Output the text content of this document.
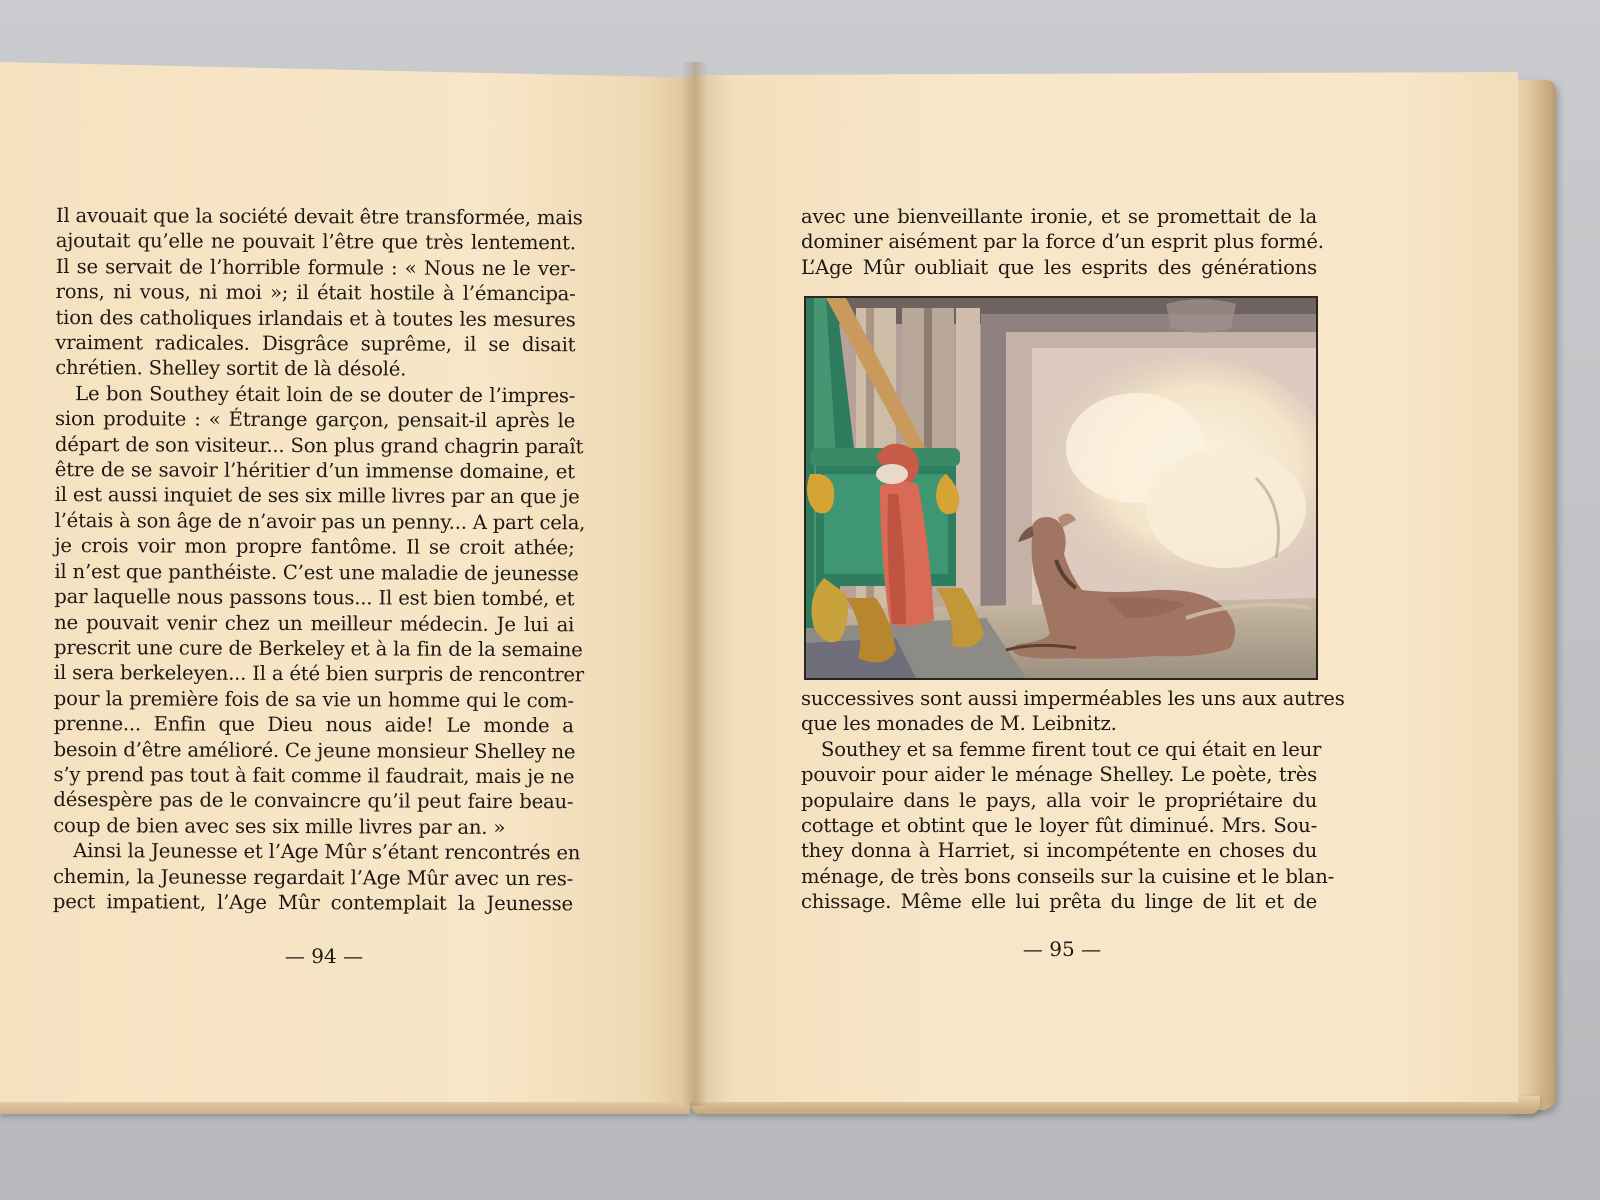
Il avouait que la société devait être transformée, mais
ajoutait qu’elle ne pouvait l’être que très lentement.
Il se servait de l’horrible formule : « Nous ne le ver-
rons, ni vous, ni moi »; il était hostile à l’émancipa-
tion des catholiques irlandais et à toutes les mesures
vraiment radicales. Disgrâce suprême, il se disait
chrétien. Shelley sortit de là désolé.
Le bon Southey était loin de se douter de l’impres-
sion produite : « Étrange garçon, pensait-il après le
départ de son visiteur... Son plus grand chagrin paraît
être de se savoir l’héritier d’un immense domaine, et
il est aussi inquiet de ses six mille livres par an que je
l’étais à son âge de n’avoir pas un penny... A part cela,
je crois voir mon propre fantôme. Il se croit athée;
il n’est que panthéiste. C’est une maladie de jeunesse
par laquelle nous passons tous... Il est bien tombé, et
ne pouvait venir chez un meilleur médecin. Je lui ai
prescrit une cure de Berkeley et à la fin de la semaine
il sera berkeleyen... Il a été bien surpris de rencontrer
pour la première fois de sa vie un homme qui le com-
prenne... Enfin que Dieu nous aide! Le monde a
besoin d’être amélioré. Ce jeune monsieur Shelley ne
s’y prend pas tout à fait comme il faudrait, mais je ne
désespère pas de le convaincre qu’il peut faire beau-
coup de bien avec ses six mille livres par an. »
Ainsi la Jeunesse et l’Age Mûr s’étant rencontrés en
chemin, la Jeunesse regardait l’Age Mûr avec un res-
pect impatient, l’Age Mûr contemplait la Jeunesse
— 94 —
avec une bienveillante ironie, et se promettait de la
dominer aisément par la force d’un esprit plus formé.
L’Age Mûr oubliait que les esprits des générations
successives sont aussi imperméables les uns aux autres
que les monades de M. Leibnitz.
Southey et sa femme firent tout ce qui était en leur
pouvoir pour aider le ménage Shelley. Le poète, très
populaire dans le pays, alla voir le propriétaire du
cottage et obtint que le loyer fût diminué. Mrs. Sou-
they donna à Harriet, si incompétente en choses du
ménage, de très bons conseils sur la cuisine et le blan-
chissage. Même elle lui prêta du linge de lit et de
— 95 —
